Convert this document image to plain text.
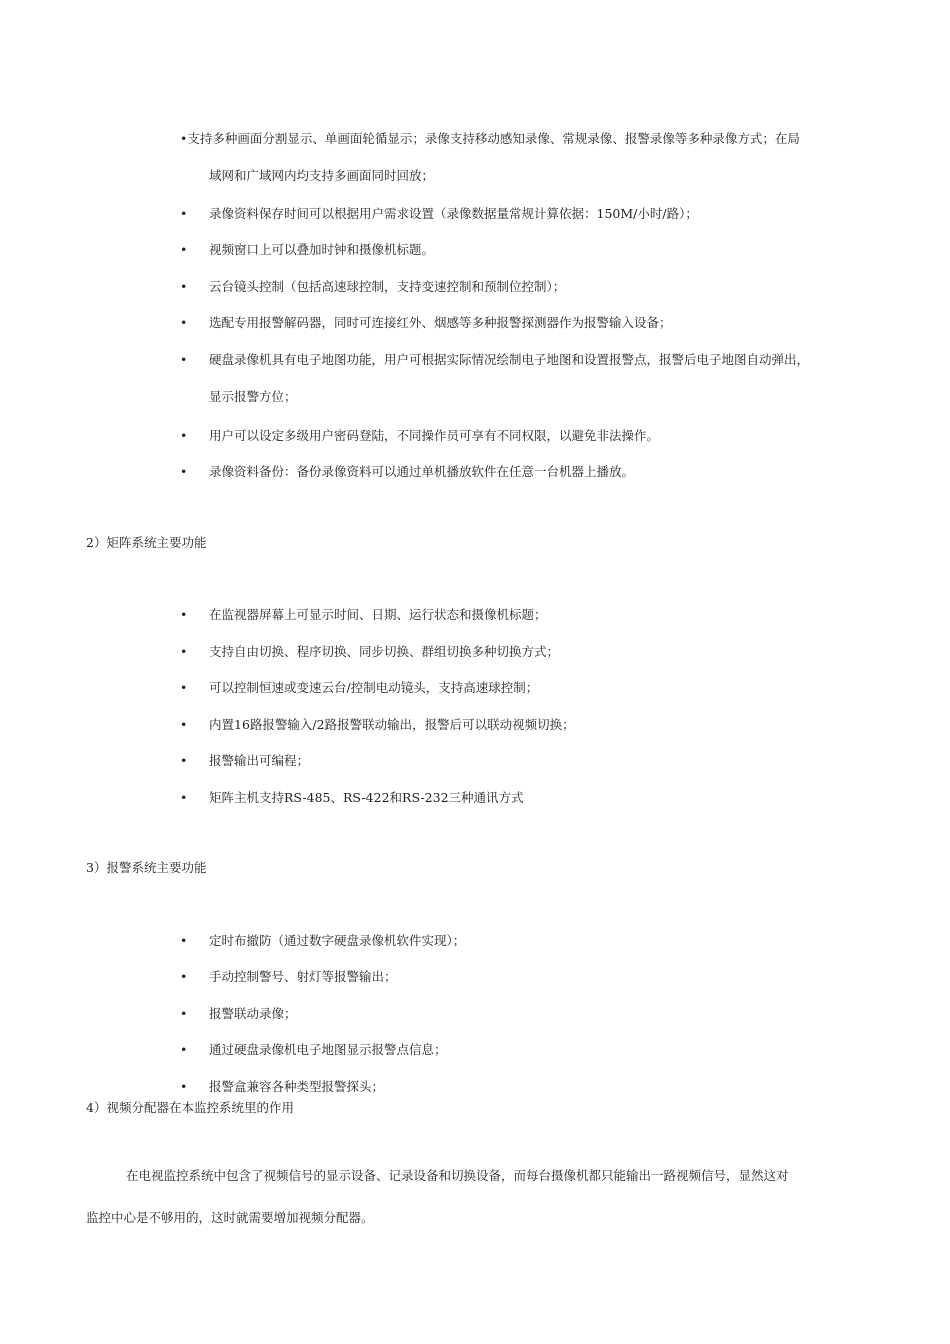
•支持多种画面分割显示、单画面轮循显示；录像支持移动感知录像、常规录像、报警录像等多种录像方式；在局
域网和广域网内均支持多画面同时回放；
• 录像资料保存时间可以根据用户需求设置（录像数据量常规计算依据：150M/小时/路）；
• 视频窗口上可以叠加时钟和摄像机标题。
• 云台镜头控制（包括高速球控制，支持变速控制和预制位控制）；
• 选配专用报警解码器，同时可连接红外、烟感等多种报警探测器作为报警输入设备；
• 硬盘录像机具有电子地图功能，用户可根据实际情况绘制电子地图和设置报警点，报警后电子地图自动弹出，
显示报警方位；
• 用户可以设定多级用户密码登陆，不同操作员可享有不同权限，以避免非法操作。
• 录像资料备份：备份录像资料可以通过单机播放软件在任意一台机器上播放。
2）矩阵系统主要功能
• 在监视器屏幕上可显示时间、日期、运行状态和摄像机标题；
• 支持自由切换、程序切换、同步切换、群组切换多种切换方式；
• 可以控制恒速或变速云台/控制电动镜头，支持高速球控制；
• 内置16路报警输入/2路报警联动输出，报警后可以联动视频切换；
• 报警输出可编程；
• 矩阵主机支持RS-485、RS-422和RS-232三种通讯方式
3）报警系统主要功能
• 定时布撤防（通过数字硬盘录像机软件实现）；
• 手动控制警号、射灯等报警输出；
• 报警联动录像；
• 通过硬盘录像机电子地图显示报警点信息；
• 报警盒兼容各种类型报警探头；
4）视频分配器在本监控系统里的作用
在电视监控系统中包含了视频信号的显示设备、记录设备和切换设备，而每台摄像机都只能输出一路视频信号，显然这对
监控中心是不够用的，这时就需要增加视频分配器。
